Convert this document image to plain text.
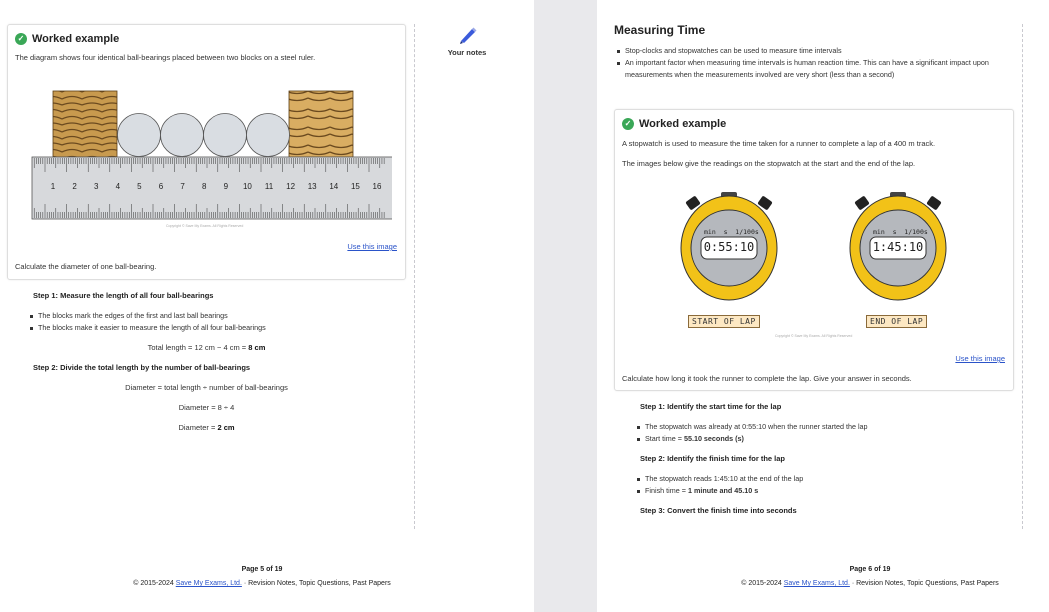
✓ Worked example
The diagram shows four identical ball-bearings placed between two blocks on a steel ruler.
1 2 3 4 5 6 7 8 9 10 11 12 13 14 15 16
Copyright © Save My Exams. All Rights Reserved
Use this image
Calculate the diameter of one ball-bearing.
Step 1: Measure the length of all four ball-bearings
The blocks mark the edges of the first and last ball bearings
The blocks make it easier to measure the length of all four ball-bearings
Total length = 12 cm − 4 cm = 8 cm
Step 2: Divide the total length by the number of ball-bearings
Diameter = total length ÷ number of ball-bearings
Diameter = 8 ÷ 4
Diameter = 2 cm
Your notes
Page 5 of 19
© 2015-2024 Save My Exams, Ltd. · Revision Notes, Topic Questions, Past Papers
Measuring Time
Stop-clocks and stopwatches can be used to measure time intervals
An important factor when measuring time intervals is human reaction time. This can have a significant impact upon measurements when the measurements involved are very short (less than a second)
✓ Worked example
A stopwatch is used to measure the time taken for a runner to complete a lap of a 400 m track.
The images below give the readings on the stopwatch at the start and the end of the lap.
min  s  1/100s
0:55:10
min  s  1/100s
1:45:10
START OF LAP	END OF LAP
Copyright © Save My Exams. All Rights Reserved
Use this image
Calculate how long it took the runner to complete the lap. Give your answer in seconds.
Step 1: Identify the start time for the lap
The stopwatch was already at 0:55:10 when the runner started the lap
Start time = 55.10 seconds (s)
Step 2: Identify the finish time for the lap
The stopwatch reads 1:45:10 at the end of the lap
Finish time = 1 minute and 45.10 s
Step 3: Convert the finish time into seconds
Page 6 of 19
© 2015-2024 Save My Exams, Ltd. · Revision Notes, Topic Questions, Past Papers
